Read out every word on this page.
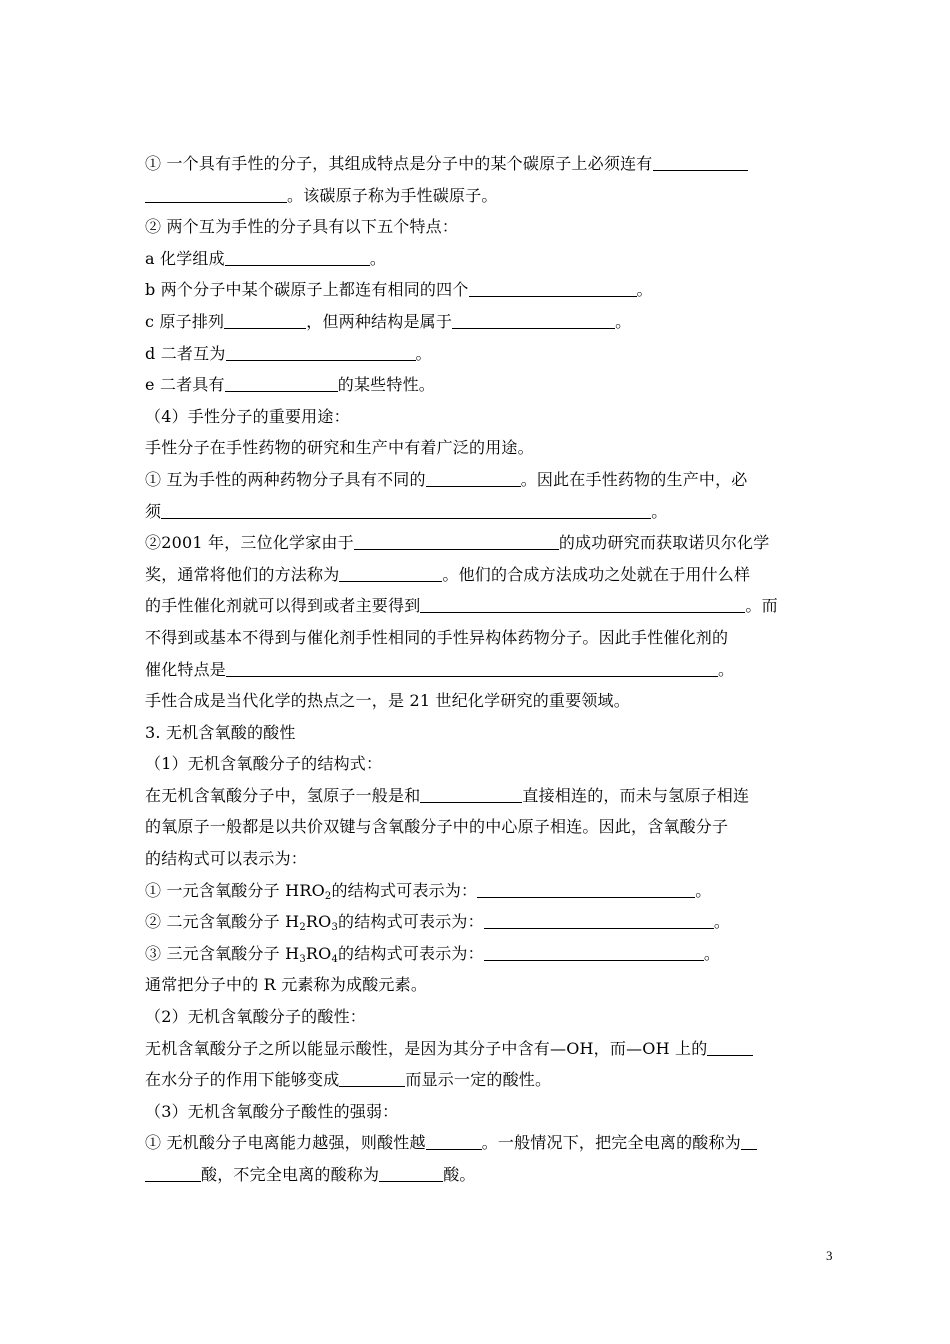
① 一个具有手性的分子，其组成特点是分子中的某个碳原子上必须连有
。该碳原子称为手性碳原子。
② 两个互为手性的分子具有以下五个特点：
a 化学组成	。
b 两个分子中某个碳原子上都连有相同的四个	。
c 原子排列	，但两种结构是属于	。
d 二者互为	。
e 二者具有	的某些特性。
（4）手性分子的重要用途：
手性分子在手性药物的研究和生产中有着广泛的用途。
① 互为手性的两种药物分子具有不同的	。因此在手性药物的生产中，必
须	。
②2001 年，三位化学家由于	的成功研究而获取诺贝尔化学
奖，通常将他们的方法称为	。他们的合成方法成功之处就在于用什么样
的手性催化剂就可以得到或者主要得到	。而
不得到或基本不得到与催化剂手性相同的手性异构体药物分子。因此手性催化剂的
催化特点是	。
手性合成是当代化学的热点之一，是 21 世纪化学研究的重要领域。
3. 无机含氧酸的酸性
（1）无机含氧酸分子的结构式：
在无机含氧酸分子中，氢原子一般是和	直接相连的，而未与氢原子相连
的氧原子一般都是以共价双键与含氧酸分子中的中心原子相连。因此，含氧酸分子
的结构式可以表示为：
① 一元含氧酸分子 $HRO_2$的结构式可表示为：	。
② 二元含氧酸分子 $H_2RO_3$的结构式可表示为：	。
③ 三元含氧酸分子 $H_3RO_4$的结构式可表示为：	。
通常把分子中的 R 元素称为成酸元素。
（2）无机含氧酸分子的酸性：
无机含氧酸分子之所以能显示酸性，是因为其分子中含有—OH，而—OH 上的
在水分子的作用下能够变成	而显示一定的酸性。
（3）无机含氧酸分子酸性的强弱：
① 无机酸分子电离能力越强，则酸性越	。一般情况下，把完全电离的酸称为
酸，不完全电离的酸称为	酸。
3
